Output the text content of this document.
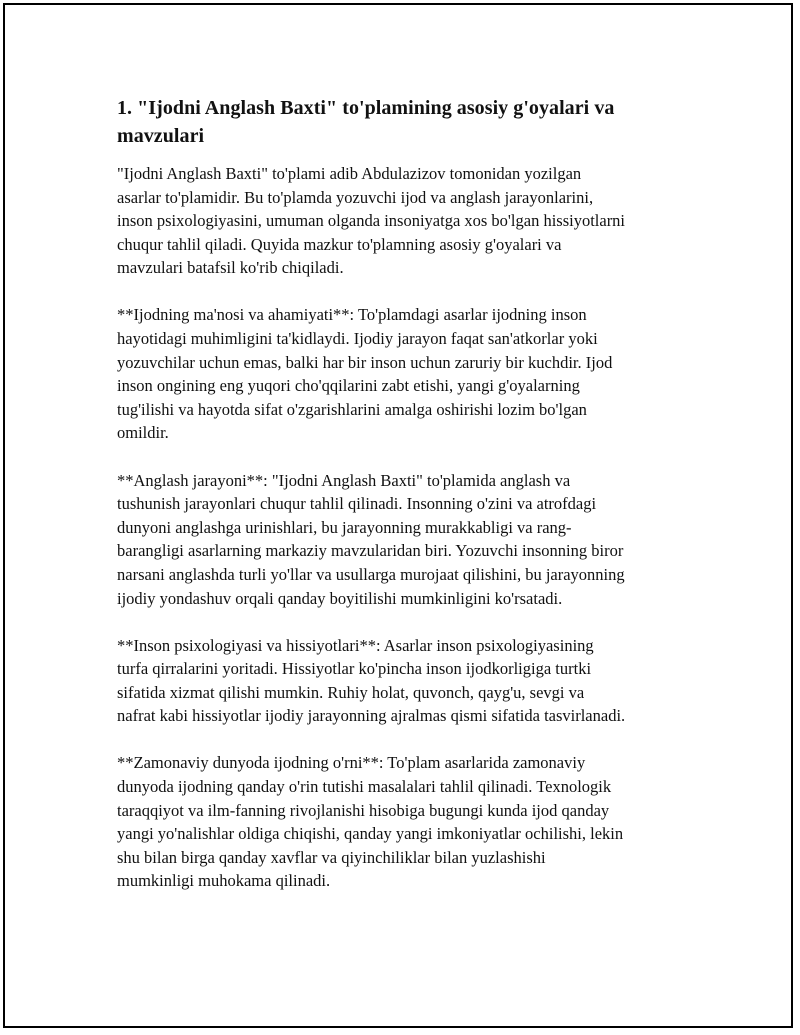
1. "Ijodni Anglash Baxti" to'plamining asosiy g'oyalari va mavzulari

"Ijodni Anglash Baxti" to'plami adib Abdulazizov tomonidan yozilgan
asarlar to'plamidir. Bu to'plamda yozuvchi ijod va anglash jarayonlarini,
inson psixologiyasini, umuman olganda insoniyatga xos bo'lgan hissiyotlarni
chuqur tahlil qiladi. Quyida mazkur to'plamning asosiy g'oyalari va
mavzulari batafsil ko'rib chiqiladi.

**Ijodning ma'nosi va ahamiyati**: To'plamdagi asarlar ijodning inson
hayotidagi muhimligini ta'kidlaydi. Ijodiy jarayon faqat san'atkorlar yoki
yozuvchilar uchun emas, balki har bir inson uchun zaruriy bir kuchdir. Ijod
inson ongining eng yuqori cho'qqilarini zabt etishi, yangi g'oyalarning
tug'ilishi va hayotda sifat o'zgarishlarini amalga oshirishi lozim bo'lgan
omildir.

**Anglash jarayoni**: "Ijodni Anglash Baxti" to'plamida anglash va
tushunish jarayonlari chuqur tahlil qilinadi. Insonning o'zini va atrofdagi
dunyoni anglashga urinishlari, bu jarayonning murakkabligi va rang-
barangligi asarlarning markaziy mavzularidan biri. Yozuvchi insonning biror
narsani anglashda turli yo'llar va usullarga murojaat qilishini, bu jarayonning
ijodiy yondashuv orqali qanday boyitilishi mumkinligini ko'rsatadi.

**Inson psixologiyasi va hissiyotlari**: Asarlar inson psixologiyasining
turfa qirralarini yoritadi. Hissiyotlar ko'pincha inson ijodkorligiga turtki
sifatida xizmat qilishi mumkin. Ruhiy holat, quvonch, qayg'u, sevgi va
nafrat kabi hissiyotlar ijodiy jarayonning ajralmas qismi sifatida tasvirlanadi.

**Zamonaviy dunyoda ijodning o'rni**: To'plam asarlarida zamonaviy
dunyoda ijodning qanday o'rin tutishi masalalari tahlil qilinadi. Texnologik
taraqqiyot va ilm-fanning rivojlanishi hisobiga bugungi kunda ijod qanday
yangi yo'nalishlar oldiga chiqishi, qanday yangi imkoniyatlar ochilishi, lekin
shu bilan birga qanday xavflar va qiyinchiliklar bilan yuzlashishi
mumkinligi muhokama qilinadi.
